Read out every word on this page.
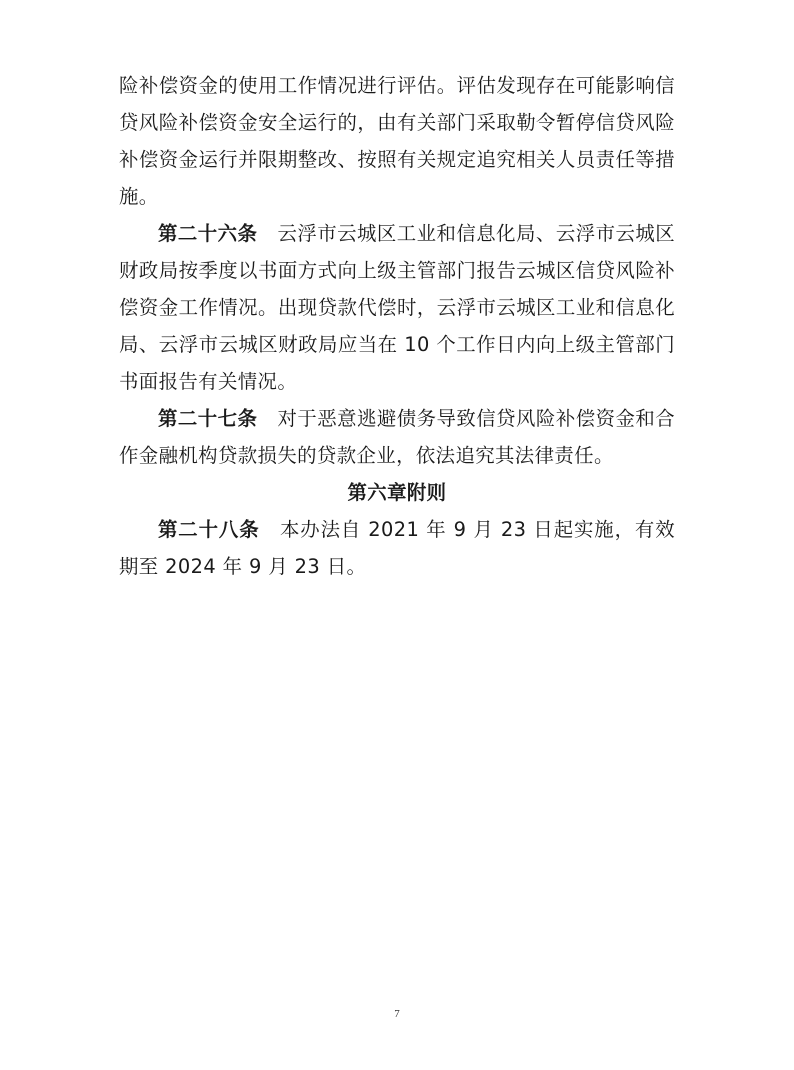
险补偿资金的使用工作情况进行评估。评估发现存在可能影响信贷风险补偿资金安全运行的，由有关部门采取勒令暂停信贷风险补偿资金运行并限期整改、按照有关规定追究相关人员责任等措施。

第二十六条 云浮市云城区工业和信息化局、云浮市云城区财政局按季度以书面方式向上级主管部门报告云城区信贷风险补偿资金工作情况。出现贷款代偿时，云浮市云城区工业和信息化局、云浮市云城区财政局应当在 10 个工作日内向上级主管部门书面报告有关情况。

第二十七条 对于恶意逃避债务导致信贷风险补偿资金和合作金融机构贷款损失的贷款企业，依法追究其法律责任。

第六章附则

第二十八条 本办法自 2021 年 9 月 23 日起实施，有效期至 2024 年 9 月 23 日。

7
